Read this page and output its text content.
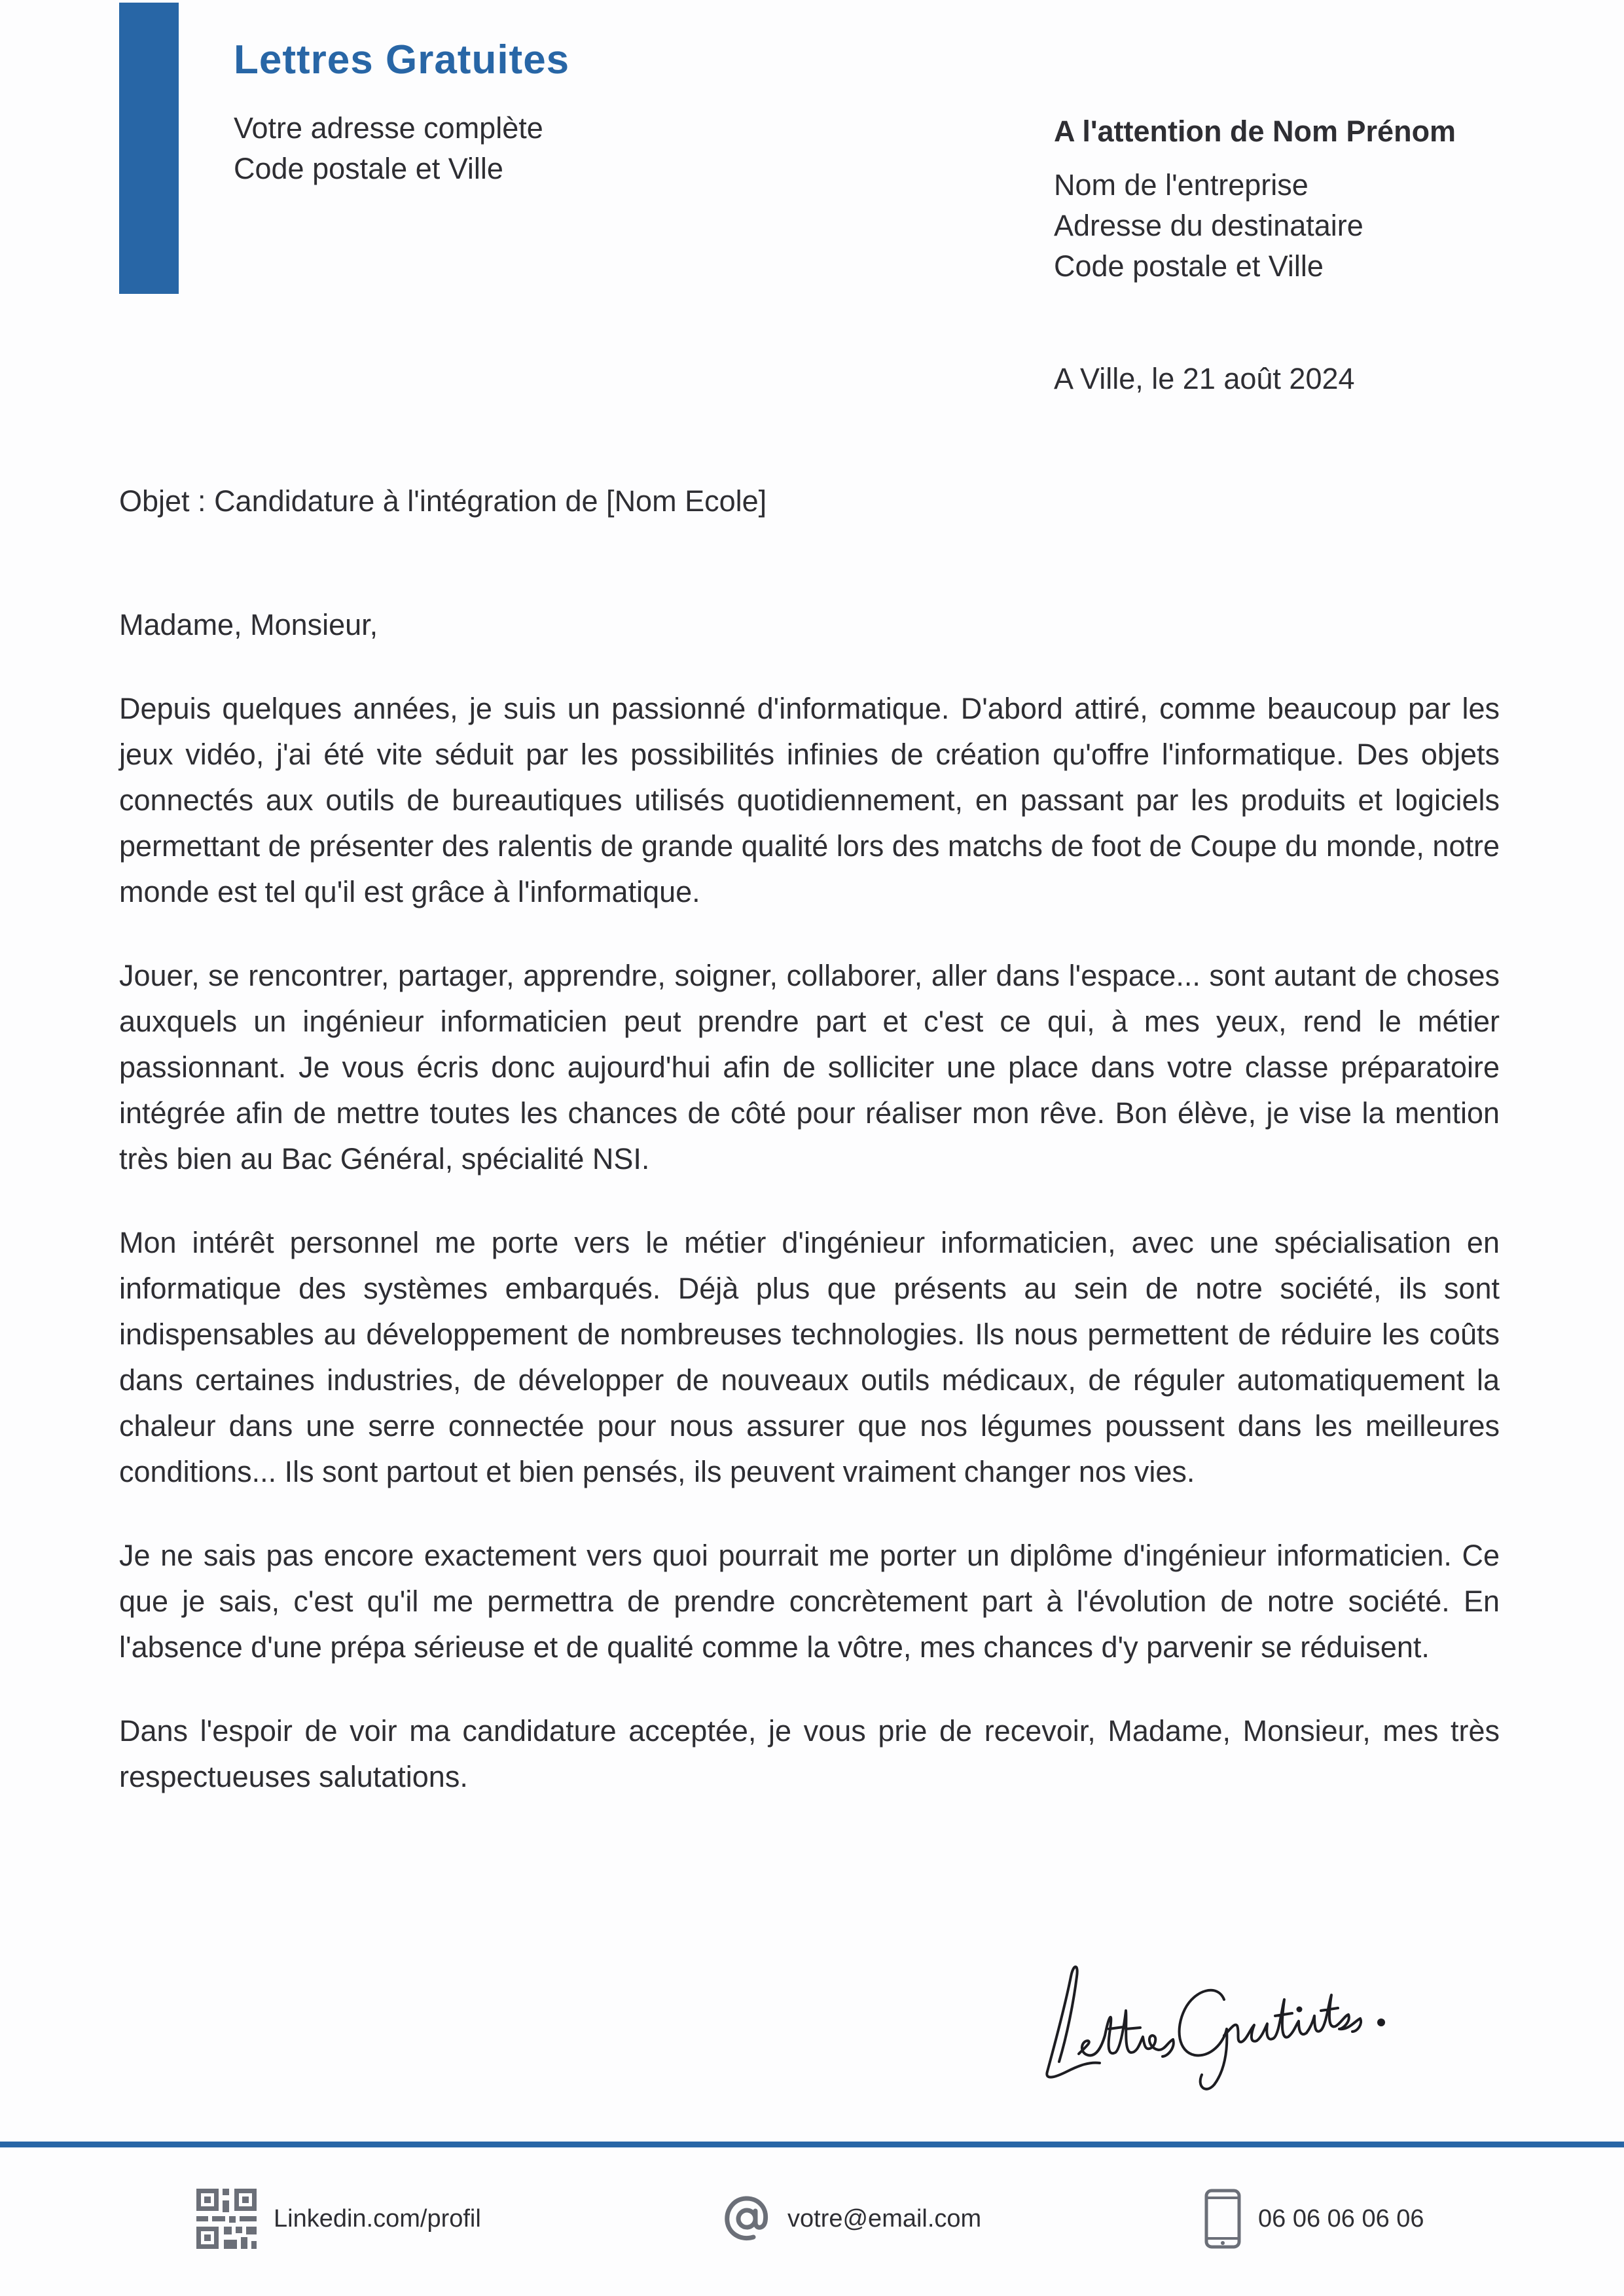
Lettres Gratuites
Votre adresse complète
Code postale et Ville
A l'attention de Nom Prénom
Nom de l'entreprise
Adresse du destinataire
Code postale et Ville
A Ville, le 21 août 2024
Objet : Candidature à l'intégration de [Nom Ecole]

Madame, Monsieur,

Depuis quelques années, je suis un passionné d'informatique. D'abord attiré, comme beaucoup par les jeux vidéo, j'ai été vite séduit par les possibilités infinies de création qu'offre l'informatique. Des objets connectés aux outils de bureautiques utilisés quotidiennement, en passant par les produits et logiciels permettant de présenter des ralentis de grande qualité lors des matchs de foot de Coupe du monde, notre monde est tel qu'il est grâce à l'informatique.

Jouer, se rencontrer, partager, apprendre, soigner, collaborer, aller dans l'espace... sont autant de choses auxquels un ingénieur informaticien peut prendre part et c'est ce qui, à mes yeux, rend le métier passionnant. Je vous écris donc aujourd'hui afin de solliciter une place dans votre classe préparatoire intégrée afin de mettre toutes les chances de côté pour réaliser mon rêve. Bon élève, je vise la mention très bien au Bac Général, spécialité NSI.

Mon intérêt personnel me porte vers le métier d'ingénieur informaticien, avec une spécialisation en informatique des systèmes embarqués. Déjà plus que présents au sein de notre société, ils sont indispensables au développement de nombreuses technologies. Ils nous permettent de réduire les coûts dans certaines industries, de développer de nouveaux outils médicaux, de réguler automatiquement la chaleur dans une serre connectée pour nous assurer que nos légumes poussent dans les meilleures conditions... Ils sont partout et bien pensés, ils peuvent vraiment changer nos vies.

Je ne sais pas encore exactement vers quoi pourrait me porter un diplôme d'ingénieur informaticien. Ce que je sais, c'est qu'il me permettra de prendre concrètement part à l'évolution de notre société. En l'absence d'une prépa sérieuse et de qualité comme la vôtre, mes chances d'y parvenir se réduisent.

Dans l'espoir de voir ma candidature acceptée, je vous prie de recevoir, Madame, Monsieur, mes très respectueuses salutations.

Linkedin.com/profil	votre@email.com	06 06 06 06 06
